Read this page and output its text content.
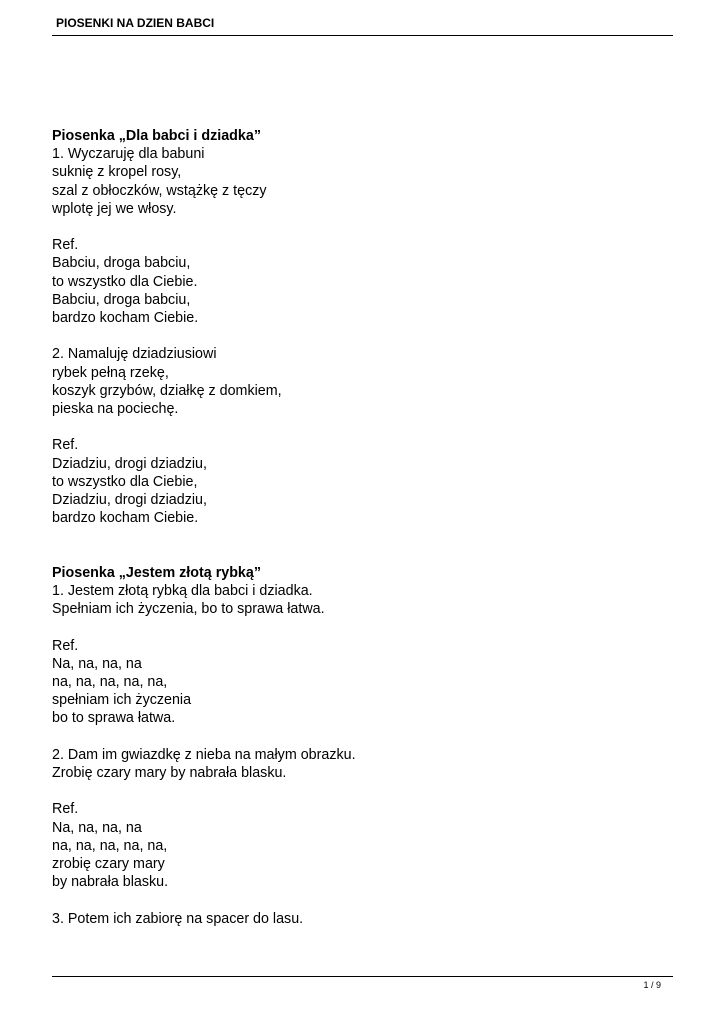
PIOSENKI NA DZIEN BABCI
Piosenka „Dla babci i dziadka”
1. Wyczaruję dla babuni
suknię z kropel rosy,
szal z obłoczków, wstążkę z tęczy
wplotę jej we włosy.
Ref.
Babciu, droga babciu,
to wszystko dla Ciebie.
Babciu, droga babciu,
bardzo kocham Ciebie.
2. Namaluję dziadziusiowi
rybek pełną rzekę,
koszyk grzybów, działkę z domkiem,
pieska na pociechę.
Ref.
Dziadziu, drogi dziadziu,
to wszystko dla Ciebie,
Dziadziu, drogi dziadziu,
bardzo kocham Ciebie.
Piosenka „Jestem złotą rybką”
1. Jestem złotą rybką dla babci i dziadka.
Spełniam ich życzenia, bo to sprawa łatwa.
Ref.
Na, na, na, na
na, na, na, na, na,
spełniam ich życzenia
bo to sprawa łatwa.
2. Dam im gwiazdkę z nieba na małym obrazku.
Zrobię czary mary by nabrała blasku.
Ref.
Na, na, na, na
na, na, na, na, na,
zrobię czary mary
by nabrała blasku.
3. Potem ich zabiorę na spacer do lasu.
1 / 9
